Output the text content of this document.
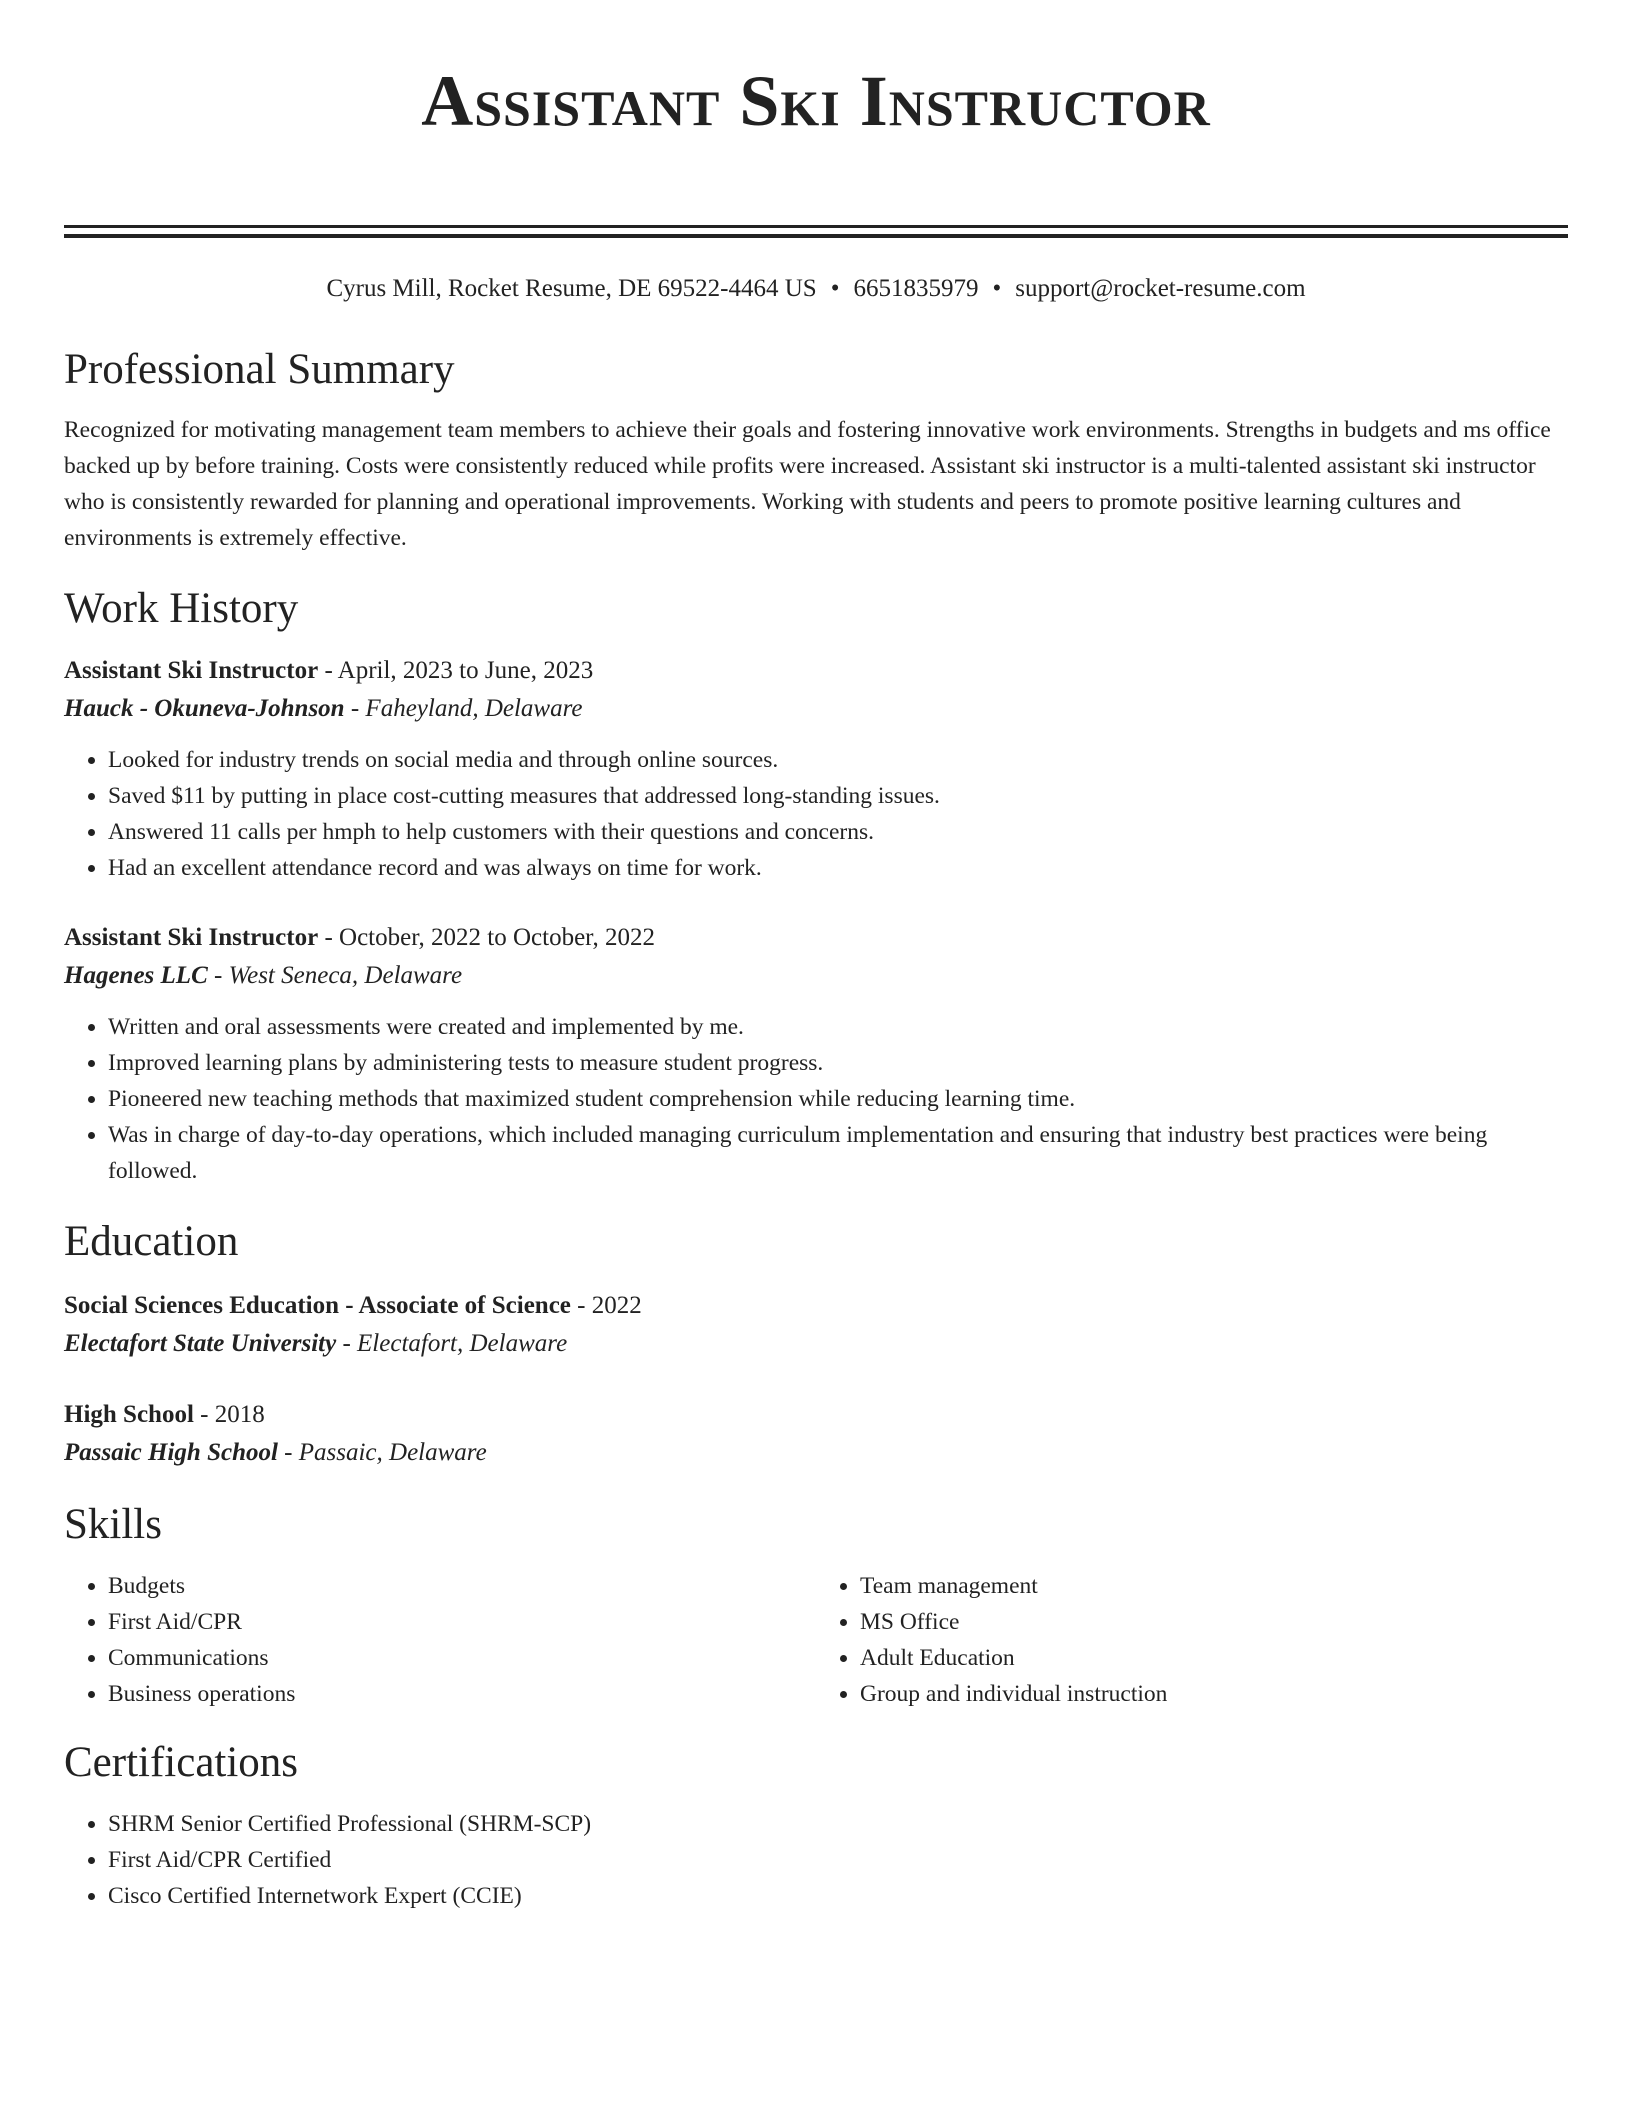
Assistant Ski Instructor
Cyrus Mill, Rocket Resume, DE 69522-4464 US • 6651835979 • support@rocket-resume.com
Professional Summary

Recognized for motivating management team members to achieve their goals and fostering innovative work environments. Strengths in budgets and ms office backed up by before training. Costs were consistently reduced while profits were increased. Assistant ski instructor is a multi-talented assistant ski instructor who is consistently rewarded for planning and operational improvements. Working with students and peers to promote positive learning cultures and environments is extremely effective.

Work History
Assistant Ski Instructor - April, 2023 to June, 2023
Hauck - Okuneva-Johnson - Faheyland, Delaware
• Looked for industry trends on social media and through online sources.
• Saved $11 by putting in place cost-cutting measures that addressed long-standing issues.
• Answered 11 calls per hmph to help customers with their questions and concerns.
• Had an excellent attendance record and was always on time for work.
Assistant Ski Instructor - October, 2022 to October, 2022
Hagenes LLC - West Seneca, Delaware
• Written and oral assessments were created and implemented by me.
• Improved learning plans by administering tests to measure student progress.
• Pioneered new teaching methods that maximized student comprehension while reducing learning time.
• Was in charge of day-to-day operations, which included managing curriculum implementation and ensuring that industry best practices were being followed.
Education
Social Sciences Education - Associate of Science - 2022
Electafort State University - Electafort, Delaware
High School - 2018
Passaic High School - Passaic, Delaware
Skills
• Budgets
• First Aid/CPR
• Communications
• Business operations
• Team management
• MS Office
• Adult Education
• Group and individual instruction
Certifications
• SHRM Senior Certified Professional (SHRM-SCP)
• First Aid/CPR Certified
• Cisco Certified Internetwork Expert (CCIE)
